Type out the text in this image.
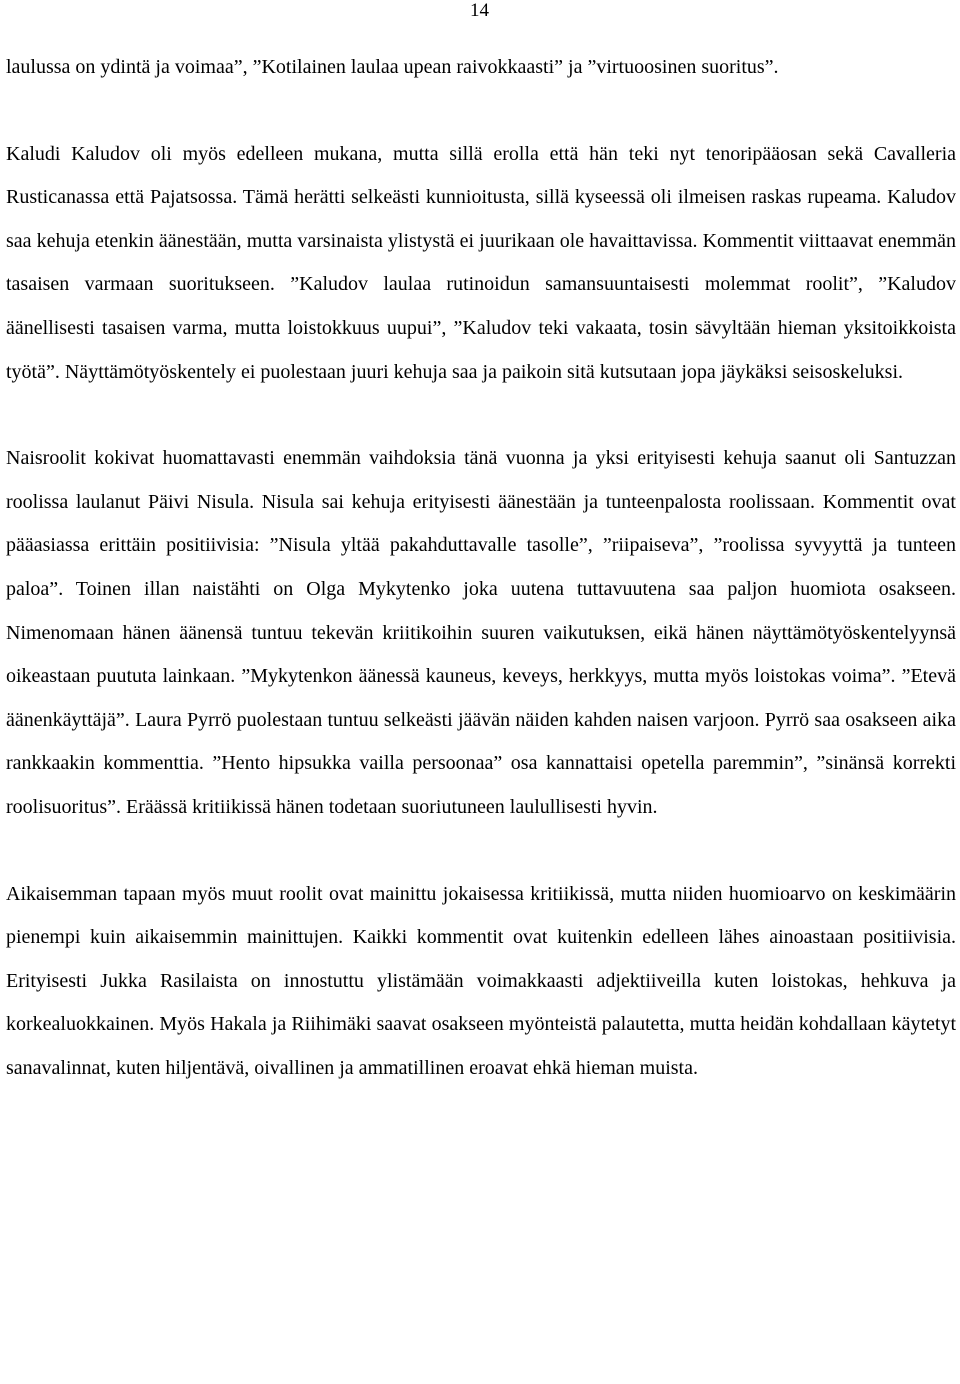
14

laulussa on ydintä ja voimaa”, ”Kotilainen laulaa upean raivokkaasti” ja ”virtuoosinen suoritus”.

Kaludi Kaludov oli myös edelleen mukana, mutta sillä erolla että hän teki nyt tenoripääosan sekä Cavalleria Rusticanassa että Pajatsossa. Tämä herätti selkeästi kunnioitusta, sillä kyseessä oli ilmeisen raskas rupeama. Kaludov saa kehuja etenkin äänestään, mutta varsinaista ylistystä ei juurikaan ole havaittavissa. Kommentit viittaavat enemmän tasaisen varmaan suoritukseen. ”Kaludov laulaa rutinoidun samansuuntaisesti molemmat roolit”, ”Kaludov äänellisesti tasaisen varma, mutta loistokkuus uupui”, ”Kaludov teki vakaata, tosin sävyltään hieman yksitoikkoista työtä”. Näyttämötyöskentely ei puolestaan juuri kehuja saa ja paikoin sitä kutsutaan jopa jäykäksi seisoskeluksi.

Naisroolit kokivat huomattavasti enemmän vaihdoksia tänä vuonna ja yksi erityisesti kehuja saanut oli Santuzzan roolissa laulanut Päivi Nisula. Nisula sai kehuja erityisesti äänestään ja tunteenpalosta roolissaan. Kommentit ovat pääasiassa erittäin positiivisia: ”Nisula yltää pakahduttavalle tasolle”, ”riipaiseva”, ”roolissa syvyyttä ja tunteen paloa”. Toinen illan naistähti on Olga Mykytenko joka uutena tuttavuutena saa paljon huomiota osakseen. Nimenomaan hänen äänensä tuntuu tekevän kriitikoihin suuren vaikutuksen, eikä hänen näyttämötyöskentelyynsä oikeastaan puututa lainkaan. ”Mykytenkon äänessä kauneus, keveys, herkkyys, mutta myös loistokas voima”. ”Etevä äänenkäyttäjä”. Laura Pyrrö puolestaan tuntuu selkeästi jäävän näiden kahden naisen varjoon. Pyrrö saa osakseen aika rankkaakin kommenttia. ”Hento hipsukka vailla persoonaa” osa kannattaisi opetella paremmin”, ”sinänsä korrekti roolisuoritus”. Eräässä kritiikissä hänen todetaan suoriutuneen laulullisesti hyvin.

Aikaisemman tapaan myös muut roolit ovat mainittu jokaisessa kritiikissä, mutta niiden huomioarvo on keskimäärin pienempi kuin aikaisemmin mainittujen. Kaikki kommentit ovat kuitenkin edelleen lähes ainoastaan positiivisia. Erityisesti Jukka Rasilaista on innostuttu ylistämään voimakkaasti adjektiiveilla kuten loistokas, hehkuva ja korkealuokkainen. Myös Hakala ja Riihimäki saavat osakseen myönteistä palautetta, mutta heidän kohdallaan käytetyt sanavalinnat, kuten hiljentävä, oivallinen ja ammatillinen eroavat ehkä hieman muista.
